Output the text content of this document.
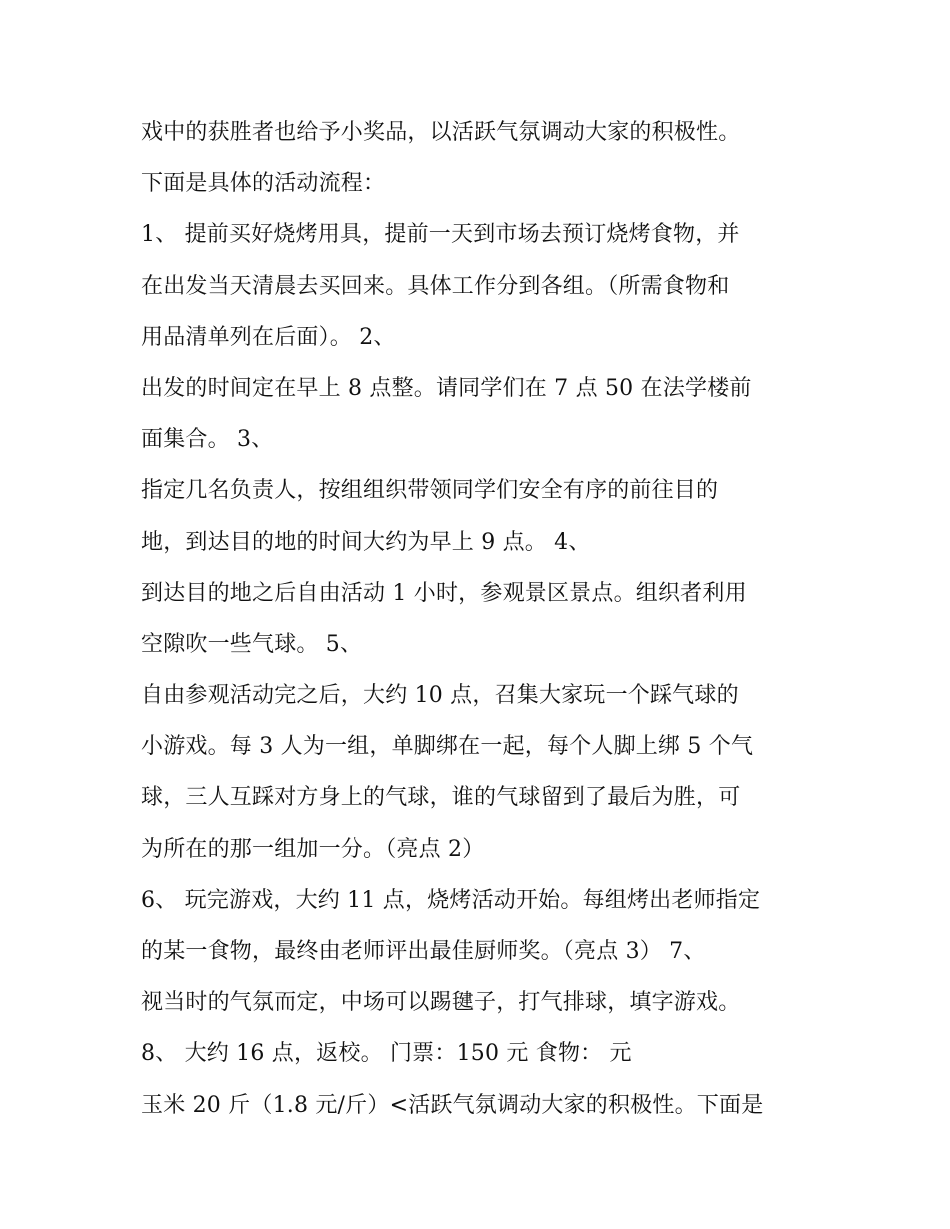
戏中的获胜者也给予小奖品，以活跃气氛调动大家的积极性。
下面是具体的活动流程：
1、 提前买好烧烤用具，提前一天到市场去预订烧烤食物，并
在出发当天清晨去买回来。具体工作分到各组。（所需食物和
用品清单列在后面）。 2、
出发的时间定在早上 8 点整。请同学们在 7 点 50 在法学楼前
面集合。 3、
指定几名负责人，按组组织带领同学们安全有序的前往目的
地，到达目的地的时间大约为早上 9 点。 4、
到达目的地之后自由活动 1 小时，参观景区景点。组织者利用
空隙吹一些气球。 5、
自由参观活动完之后，大约 10 点，召集大家玩一个踩气球的
小游戏。每 3 人为一组，单脚绑在一起，每个人脚上绑 5 个气
球，三人互踩对方身上的气球，谁的气球留到了最后为胜，可
为所在的那一组加一分。（亮点 2）
6、 玩完游戏，大约 11 点，烧烤活动开始。每组烤出老师指定
的某一食物，最终由老师评出最佳厨师奖。（亮点 3） 7、
视当时的气氛而定，中场可以踢毽子，打气排球，填字游戏。
8、 大约 16 点，返校。 门票：150 元 食物： 元
玉米 20 斤（1.8 元/斤）<活跃气氛调动大家的积极性。下面是
